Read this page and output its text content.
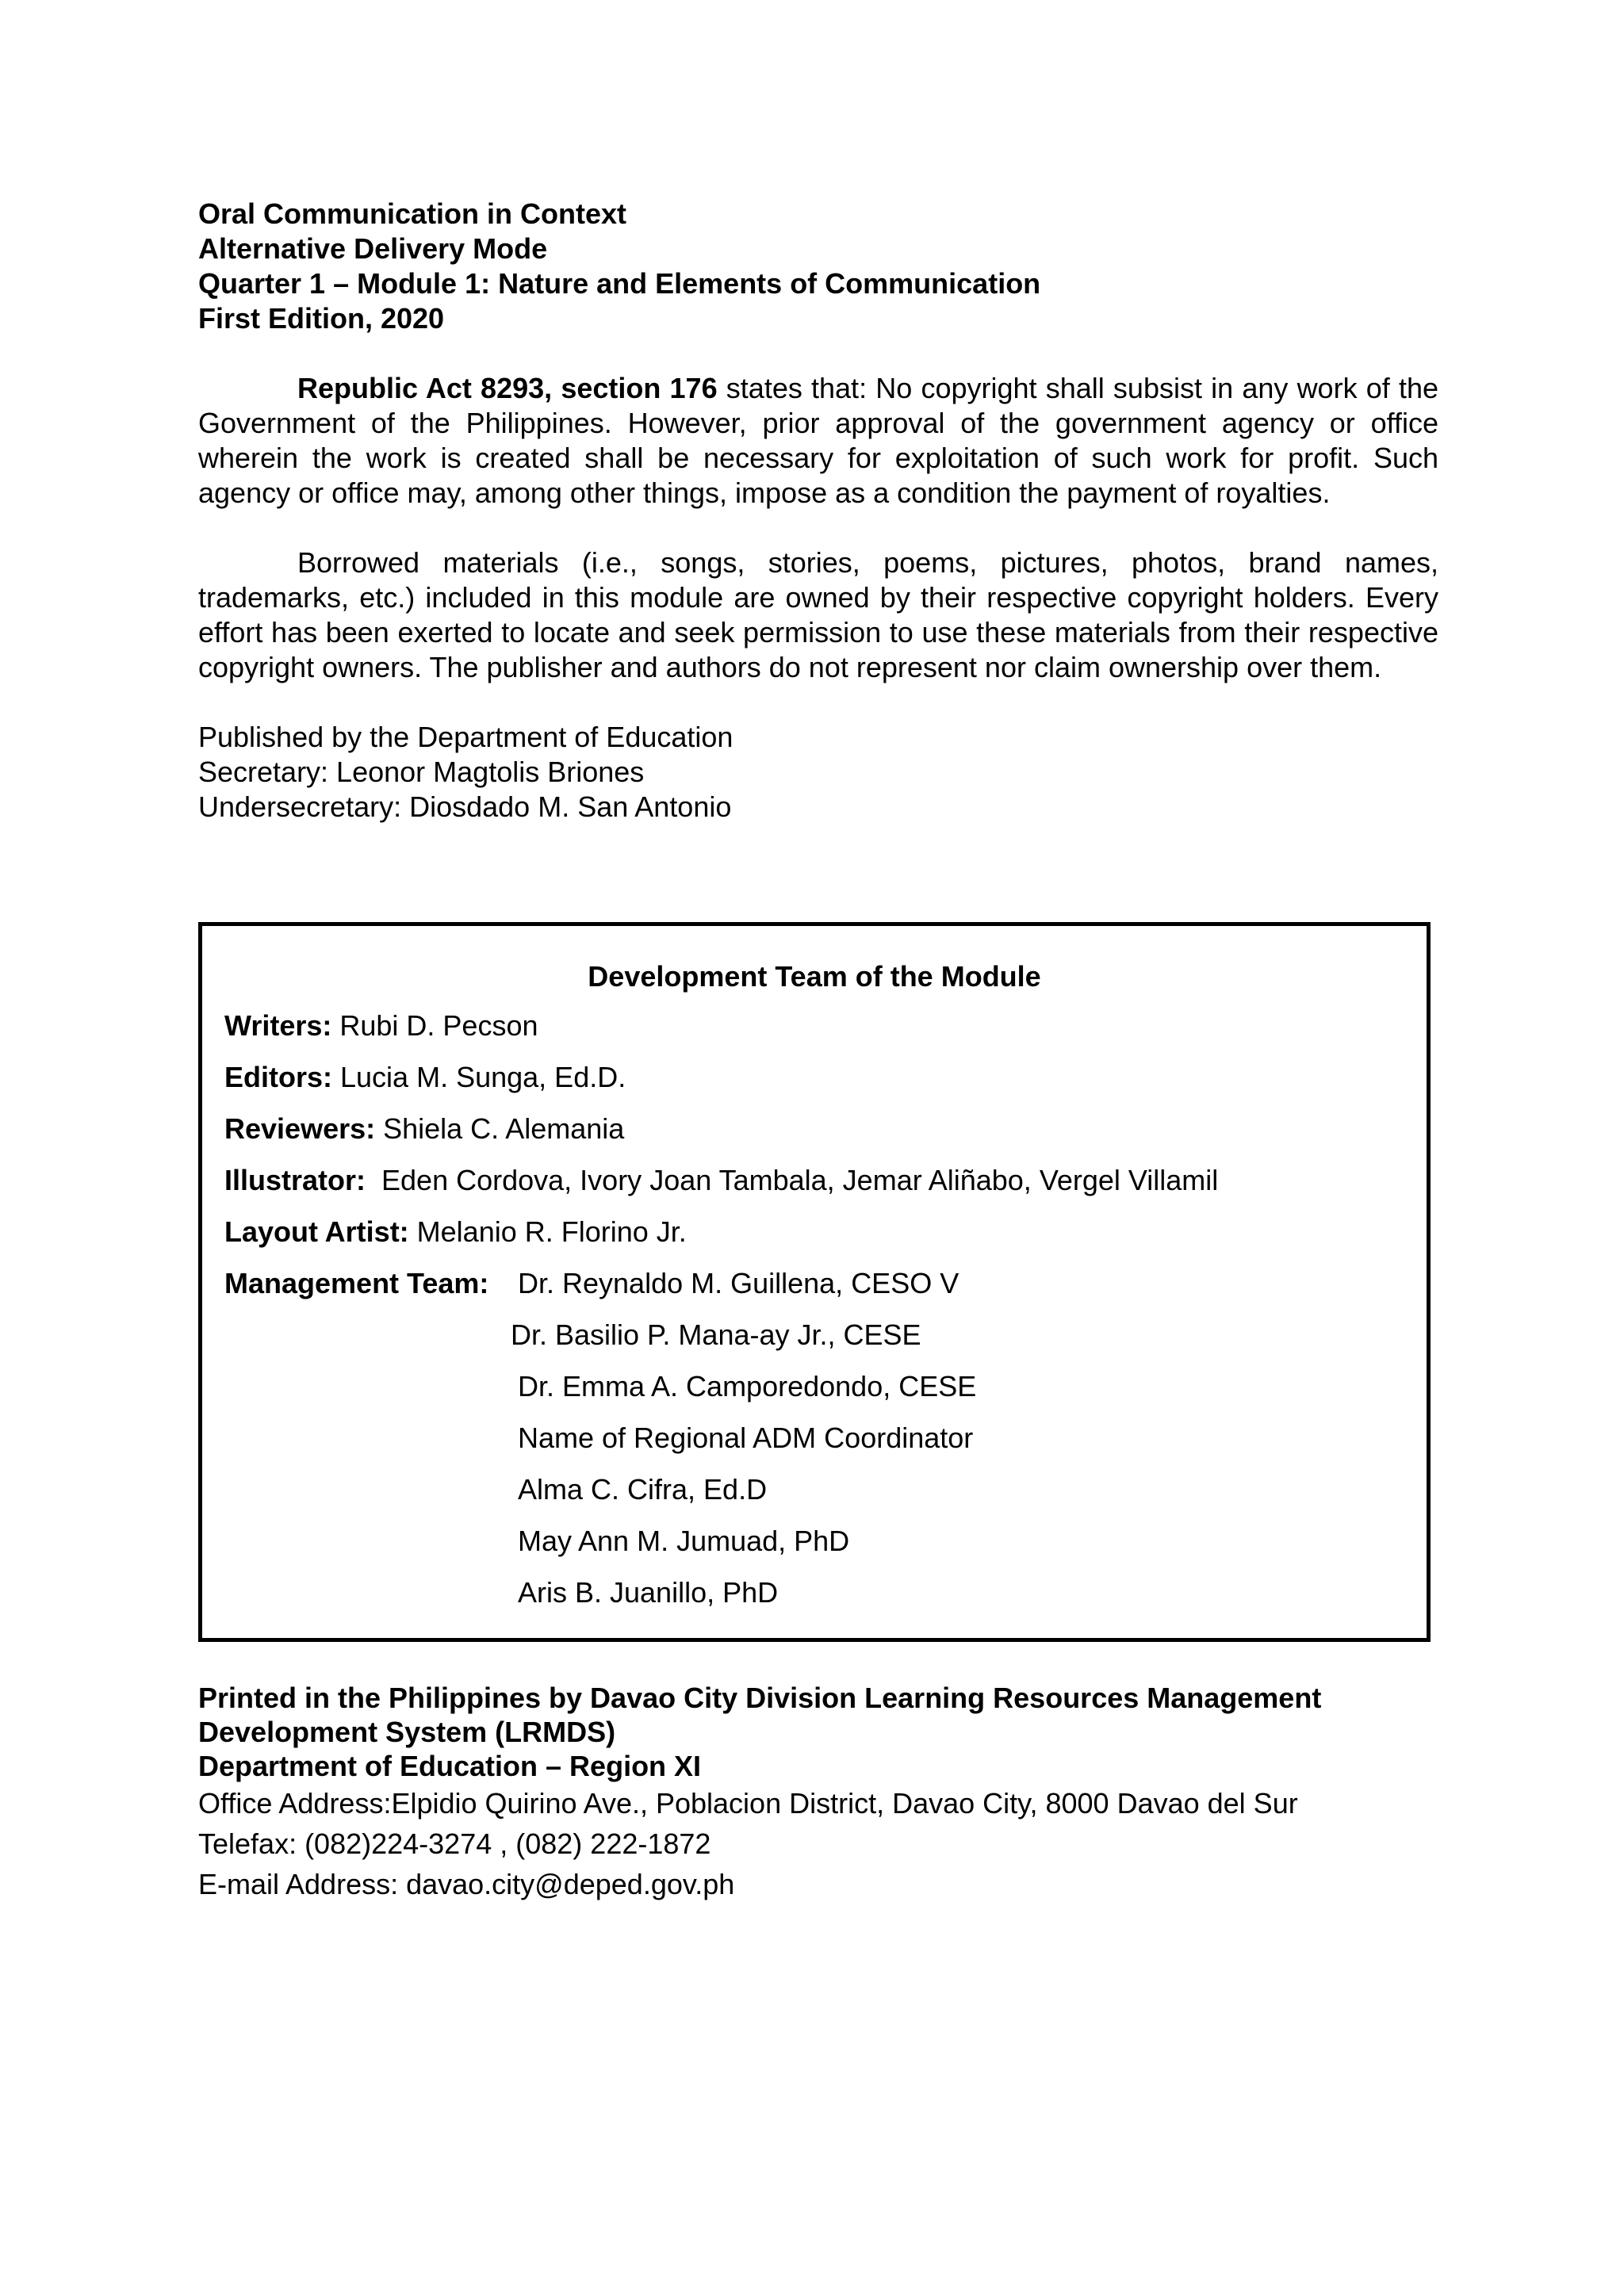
Oral Communication in Context

Alternative Delivery Mode

Quarter 1 – Module 1: Nature and Elements of Communication

First Edition, 2020

Republic Act 8293, section 176 states that: No copyright shall subsist in any work of the Government of the Philippines. However, prior approval of the government agency or office wherein the work is created shall be necessary for exploitation of such work for profit. Such agency or office may, among other things, impose as a condition the payment of royalties.

Borrowed materials (i.e., songs, stories, poems, pictures, photos, brand names, trademarks, etc.) included in this module are owned by their respective copyright holders. Every effort has been exerted to locate and seek permission to use these materials from their respective copyright owners. The publisher and authors do not represent nor claim ownership over them.

Published by the Department of Education

Secretary: Leonor Magtolis Briones

Undersecretary: Diosdado M. San Antonio

Development Team of the Module
Writers: Rubi D. Pecson
Editors: Lucia M. Sunga, Ed.D.
Reviewers: Shiela C. Alemania
Illustrator:  Eden Cordova, Ivory Joan Tambala, Jemar Aliñabo, Vergel Villamil
Layout Artist: Melanio R. Florino Jr.
Management Team: Dr. Reynaldo M. Guillena, CESO V
Dr. Basilio P. Mana-ay Jr., CESE
Dr. Emma A. Camporedondo, CESE
Name of Regional ADM Coordinator
Alma C. Cifra, Ed.D
May Ann M. Jumuad, PhD
Aris B. Juanillo, PhD

Printed in the Philippines by Davao City Division Learning Resources Management Development System (LRMDS)

Department of Education – Region XI

Office Address:Elpidio Quirino Ave., Poblacion District, Davao City, 8000 Davao del Sur

Telefax: (082)224-3274 , (082) 222-1872

E-mail Address: davao.city@deped.gov.ph
